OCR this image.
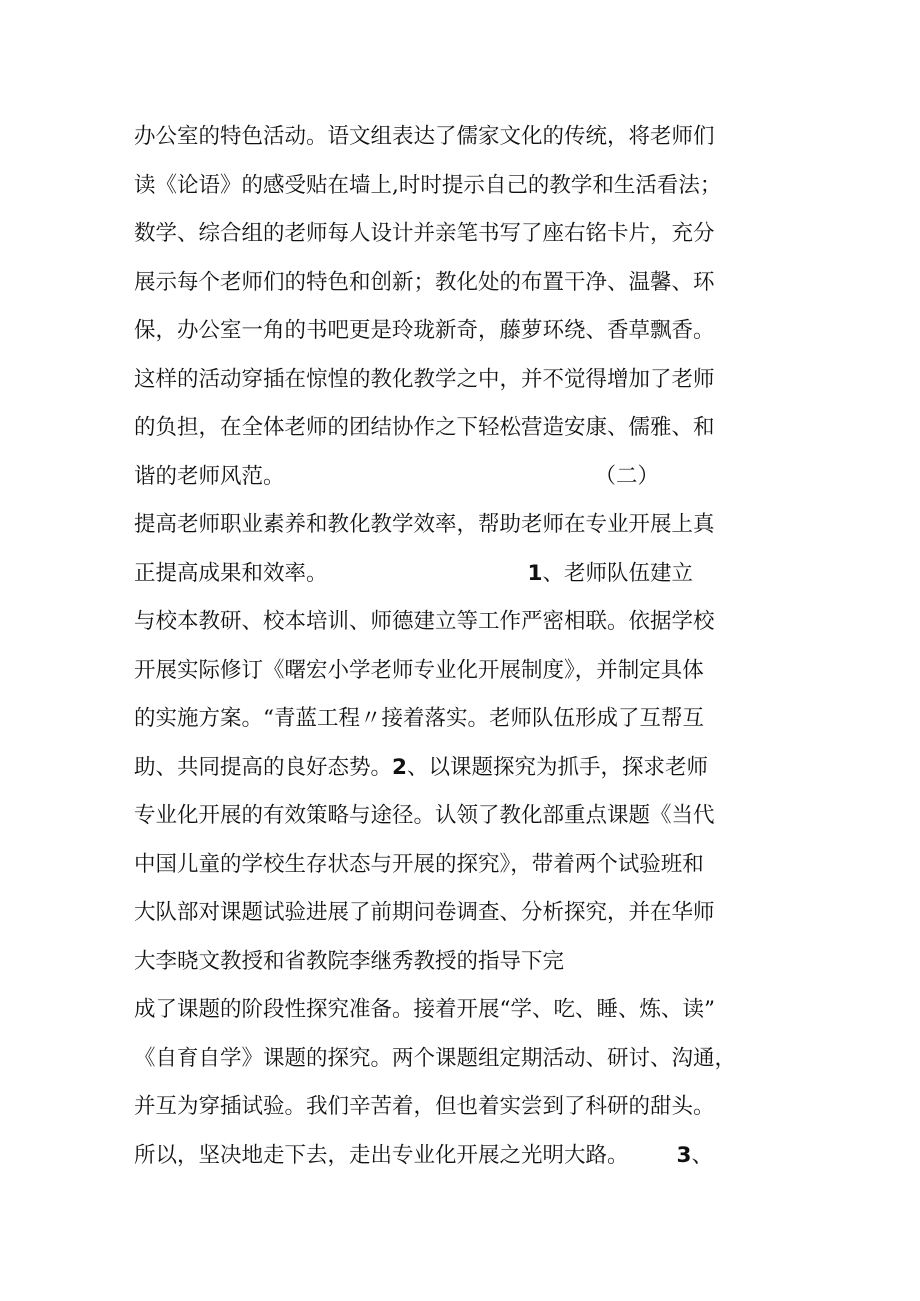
办公室的特色活动。语文组表达了儒家文化的传统，将老师们
读《论语》的感受贴在墙上,时时提示自己的教学和生活看法；
数学、综合组的老师每人设计并亲笔书写了座右铭卡片，充分
展示每个老师们的特色和创新；教化处的布置干净、温馨、环
保，办公室一角的书吧更是玲珑新奇，藤萝环绕、香草飘香。
这样的活动穿插在惊惶的教化教学之中，并不觉得增加了老师
的负担，在全体老师的团结协作之下轻松营造安康、儒雅、和
谐的老师风范。	（二）
提高老师职业素养和教化教学效率，帮助老师在专业开展上真
正提高成果和效率。	1、老师队伍建立
与校本教研、校本培训、师德建立等工作严密相联。依据学校
开展实际修订《曙宏小学老师专业化开展制度》，并制定具体
的实施方案。“青蓝工程〃接着落实。老师队伍形成了互帮互
助、共同提高的良好态势。2、以课题探究为抓手，探求老师
专业化开展的有效策略与途径。认领了教化部重点课题《当代
中国儿童的学校生存状态与开展的探究》，带着两个试验班和
大队部对课题试验进展了前期问卷调查、分析探究，并在华师
大李晓文教授和省教院李继秀教授的指导下完
成了课题的阶段性探究准备。接着开展“学、吃、睡、炼、读”
《自育自学》课题的探究。两个课题组定期活动、研讨、沟通，
并互为穿插试验。我们辛苦着，但也着实尝到了科研的甜头。
所以，坚决地走下去，走出专业化开展之光明大路。 3、
